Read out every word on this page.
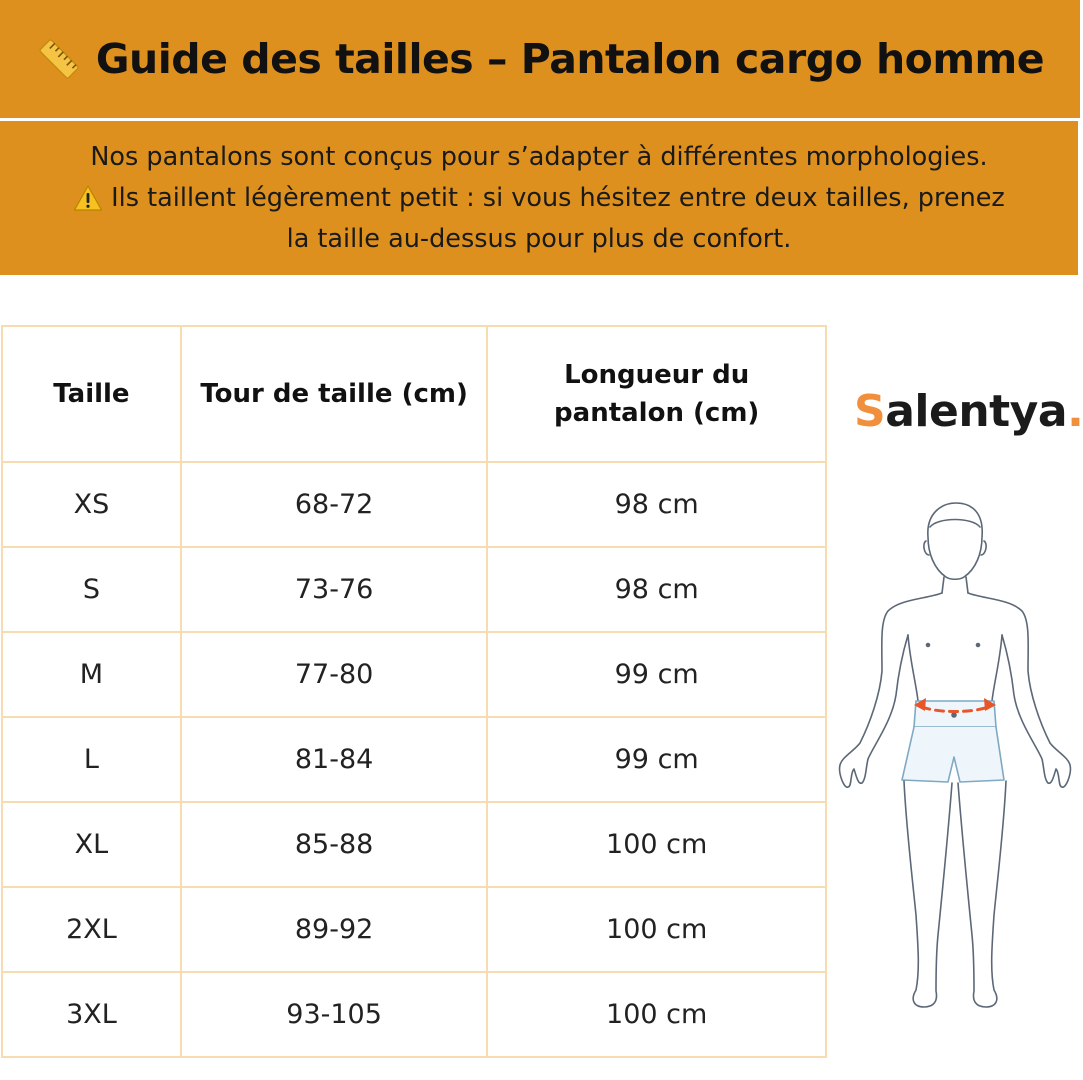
Guide des tailles – Pantalon cargo homme
Nos pantalons sont conçus pour s’adapter à différentes morphologies.
Ils taillent légèrement petit : si vous hésitez entre deux tailles, prenez
la taille au-dessus pour plus de confort.
Taille	Tour de taille (cm)	Longueur du pantalon (cm)

XS	68-72	98 cm
S	73-76	98 cm
M	77-80	99 cm
L	81-84	99 cm
XL	85-88	100 cm
2XL	89-92	100 cm
3XL	93-105	100 cm
Salentya.
